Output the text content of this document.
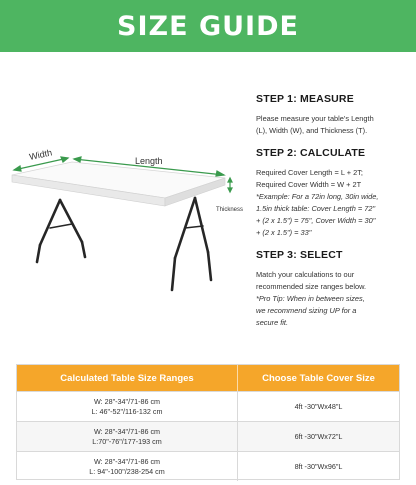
SIZE GUIDE
Width	Length
Thickness
STEP 1: MEASURE
Please measure your table's Length
(L), Width (W), and Thickness (T).
STEP 2: CALCULATE
Required Cover Length = L + 2T;
Required Cover Width = W + 2T
*Example: For a 72in long, 30in wide,
1.5in thick table: Cover Length = 72"
+ (2 x 1.5") = 75", Cover Width = 30"
+ (2 x 1.5") = 33"
STEP 3: SELECT
Match your calculations to our
recommended size ranges below.
*Pro Tip: When in between sizes,
we recommend sizing UP for a
secure fit.
Calculated Table Size Ranges	Choose Table Cover Size
W: 28"-34"/71-86 cm
L: 46"-52"/116-132 cm
4ft -30"Wx48"L
W: 28"-34"/71-86 cm
L:70"-76"/177-193 cm
6ft -30"Wx72"L
W: 28"-34"/71-86 cm
L: 94"-100"/238-254 cm
8ft -30"Wx96"L
